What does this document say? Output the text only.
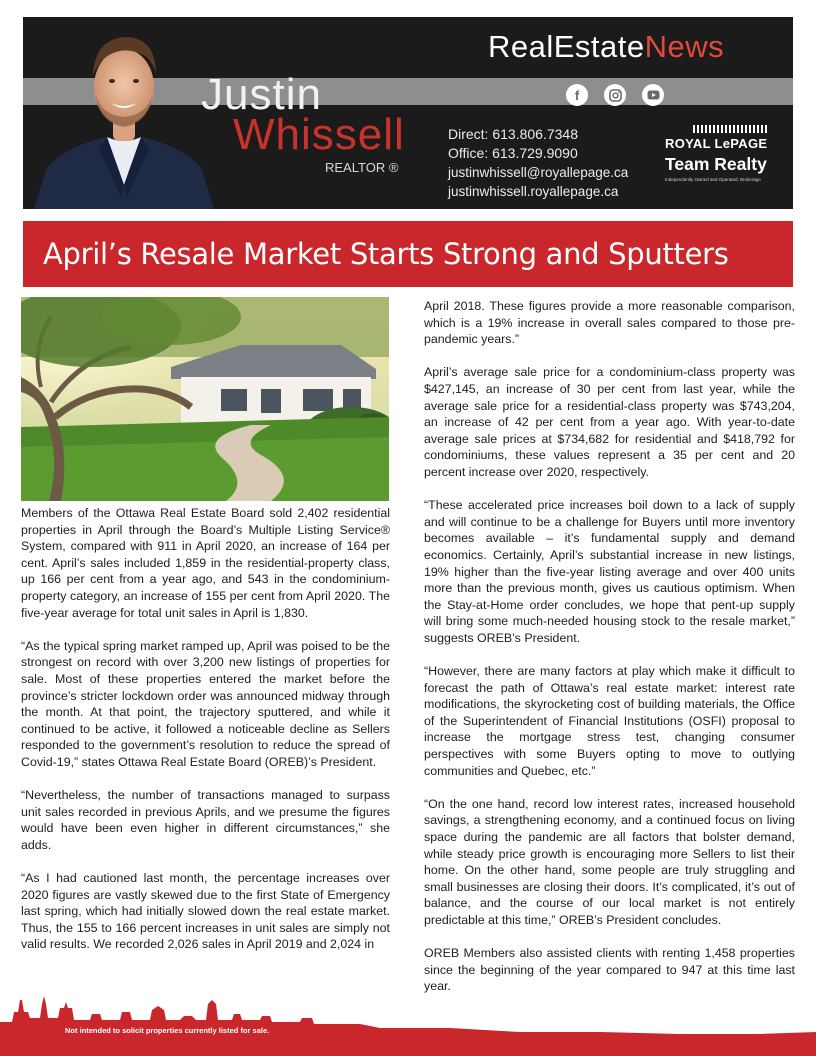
RealEstateNews
f
Justin
Whissell
REALTOR ®
Direct: 613.806.7348
Office: 613.729.9090
justinwhissell@royallepage.ca
justinwhissell.royallepage.ca
ROYAL LePAGE
Team Realty
Independently Owned and Operated, Brokerage
April’s Resale Market Starts Strong and Sputters

Members of the Ottawa Real Estate Board sold 2,402 residential properties in April through the Board’s Multiple Listing Service® System, compared with 911 in April 2020, an increase of 164 per cent. April’s sales included 1,859 in the residential-property class, up 166 per cent from a year ago, and 543 in the condominium-property category, an increase of 155 per cent from April 2020. The five-year average for total unit sales in April is 1,830.

“As the typical spring market ramped up, April was poised to be the strongest on record with over 3,200 new listings of properties for sale. Most of these properties entered the market before the province’s stricter lockdown order was announced midway through the month. At that point, the trajectory sputtered, and while it continued to be active, it followed a noticeable decline as Sellers responded to the government’s resolution to reduce the spread of Covid-19,” states Ottawa Real Estate Board (OREB)’s President.

“Nevertheless, the number of transactions managed to surpass unit sales recorded in previous Aprils, and we presume the figures would have been even higher in different circumstances,” she adds.

“As I had cautioned last month, the percentage increases over 2020 figures are vastly skewed due to the first State of Emergency last spring, which had initially slowed down the real estate market. Thus, the 155 to 166 percent increases in unit sales are simply not valid results. We recorded 2,026 sales in April 2019 and 2,024 in

April 2018. These figures provide a more reasonable comparison, which is a 19% increase in overall sales compared to those pre-pandemic years.”

April’s average sale price for a condominium-class property was $427,145, an increase of 30 per cent from last year, while the average sale price for a residential-class property was $743,204, an increase of 42 per cent from a year ago. With year-to-date average sale prices at $734,682 for residential and $418,792 for condominiums, these values represent a 35 per cent and 20 percent increase over 2020, respectively.

“These accelerated price increases boil down to a lack of supply and will continue to be a challenge for Buyers until more inventory becomes available – it’s fundamental supply and demand economics. Certainly, April’s substantial increase in new listings, 19% higher than the five-year listing average and over 400 units more than the previous month, gives us cautious optimism. When the Stay-at-Home order concludes, we hope that pent-up supply will bring some much-needed housing stock to the resale market,” suggests OREB’s President.

“However, there are many factors at play which make it difficult to forecast the path of Ottawa’s real estate market: interest rate modifications, the skyrocketing cost of building materials, the Office of the Superintendent of Financial Institutions (OSFI) proposal to increase the mortgage stress test, changing consumer perspectives with some Buyers opting to move to outlying communities and Quebec, etc.”

“On the one hand, record low interest rates, increased household savings, a strengthening economy, and a continued focus on living space during the pandemic are all factors that bolster demand, while steady price growth is encouraging more Sellers to list their home. On the other hand, some people are truly struggling and small businesses are closing their doors. It’s complicated, it’s out of balance, and the course of our local market is not entirely predictable at this time,” OREB’s President concludes.

OREB Members also assisted clients with renting 1,458 properties since the beginning of the year compared to 947 at this time last year.

Not intended to solicit properties currently listed for sale.
